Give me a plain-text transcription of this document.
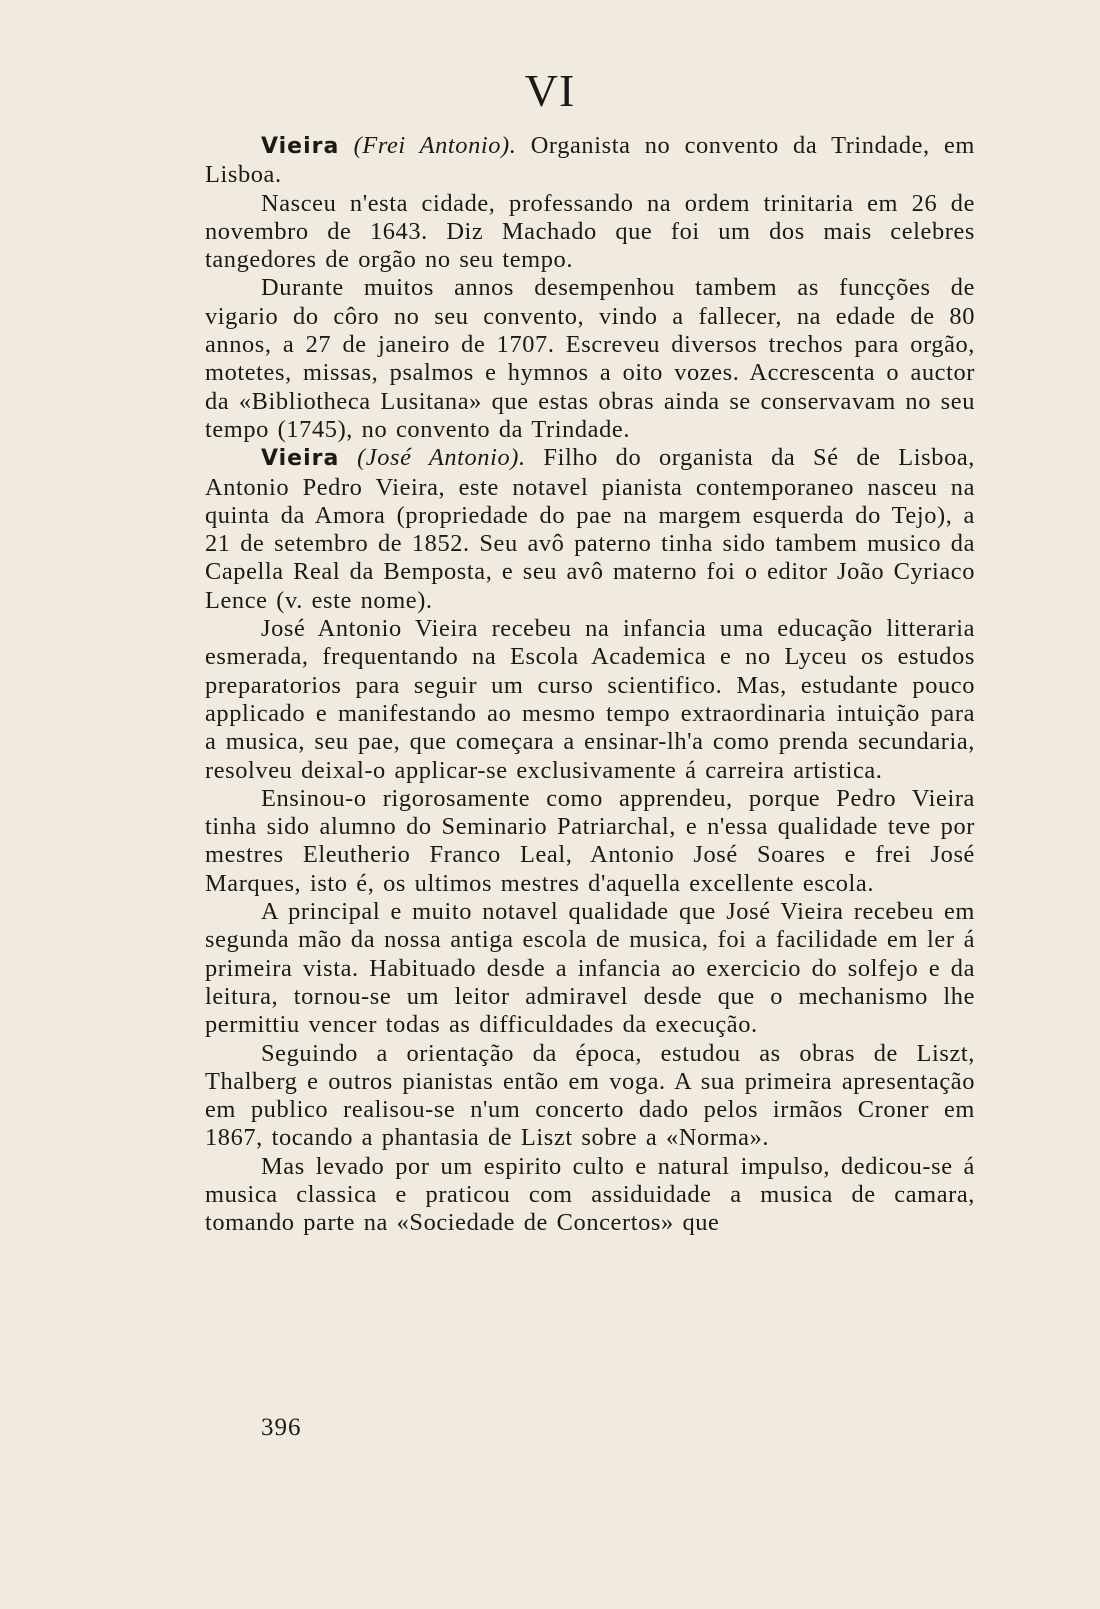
VI

Vieira (Frei Antonio). Organista no convento da Trindade, em Lisboa.

Nasceu n'esta cidade, professando na ordem trinitaria em 26 de novembro de 1643. Diz Machado que foi um dos mais celebres tangedores de orgão no seu tempo.

Durante muitos annos desempenhou tambem as funcções de vigario do côro no seu convento, vindo a fallecer, na edade de 80 annos, a 27 de janeiro de 1707. Escreveu diversos trechos para orgão, motetes, missas, psalmos e hymnos a oito vozes. Accrescenta o auctor da «Bibliotheca Lusitana» que estas obras ainda se conservavam no seu tempo (1745), no convento da Trindade.

Vieira (José Antonio). Filho do organista da Sé de Lisboa, Antonio Pedro Vieira, este notavel pianista contemporaneo nasceu na quinta da Amora (propriedade do pae na margem esquerda do Tejo), a 21 de setembro de 1852. Seu avô paterno tinha sido tambem musico da Capella Real da Bemposta, e seu avô materno foi o editor João Cyriaco Lence (v. este nome).

José Antonio Vieira recebeu na infancia uma educação litteraria esmerada, frequentando na Escola Academica e no Lyceu os estudos preparatorios para seguir um curso scientifico. Mas, estudante pouco applicado e manifestando ao mesmo tempo extraordinaria intuição para a musica, seu pae, que começara a ensinar-lh'a como prenda secundaria, resolveu deixal-o applicar-se exclusivamente á carreira artistica.

Ensinou-o rigorosamente como apprendeu, porque Pedro Vieira tinha sido alumno do Seminario Patriarchal, e n'essa qualidade teve por mestres Eleutherio Franco Leal, Antonio José Soares e frei José Marques, isto é, os ultimos mestres d'aquella excellente escola.

A principal e muito notavel qualidade que José Vieira recebeu em segunda mão da nossa antiga escola de musica, foi a facilidade em ler á primeira vista. Habituado desde a infancia ao exercicio do solfejo e da leitura, tornou-se um leitor admiravel desde que o mechanismo lhe permittiu vencer todas as difficuldades da execução.

Seguindo a orientação da época, estudou as obras de Liszt, Thalberg e outros pianistas então em voga. A sua primeira apresentação em publico realisou-se n'um concerto dado pelos irmãos Croner em 1867, tocando a phantasia de Liszt sobre a «Norma».

Mas levado por um espirito culto e natural impulso, dedicou-se á musica classica e praticou com assiduidade a musica de camara, tomando parte na «Sociedade de Concertos» que

396
